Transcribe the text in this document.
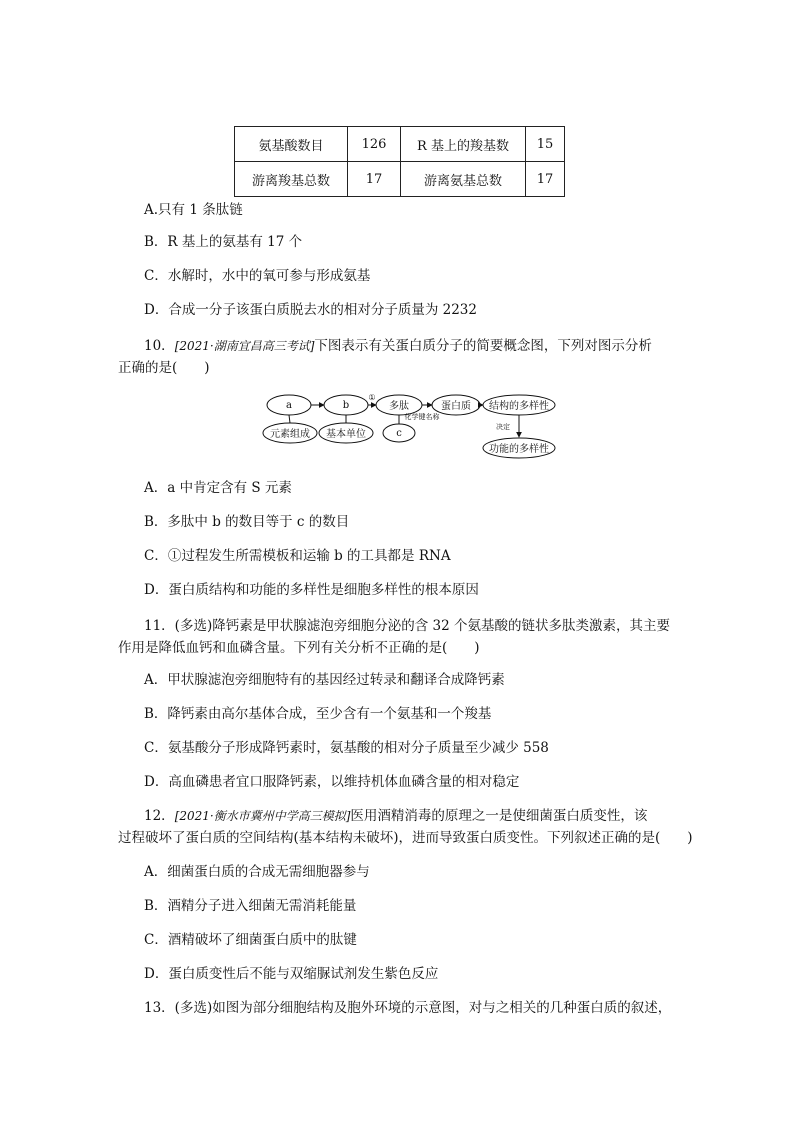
氨基酸数目	126	R 基上的羧基数	15
游离羧基总数	17	游离氨基总数	17
A.只有 1 条肽链
B．R 基上的氨基有 17 个
C．水解时，水中的氧可参与形成氨基
D．合成一分子该蛋白质脱去水的相对分子质量为 2232
10．[2021·湖南宜昌高三考试]下图表示有关蛋白质分子的简要概念图，下列对图示分析
正确的是(　　)
a	b	多肽	蛋白质 结构的多样性
元素组成 基本单位	c
功能的多样性
①
化学键名称
决定
A．a 中肯定含有 S 元素
B．多肽中 b 的数目等于 c 的数目
C．①过程发生所需模板和运输 b 的工具都是 RNA
D．蛋白质结构和功能的多样性是细胞多样性的根本原因
11．(多选)降钙素是甲状腺滤泡旁细胞分泌的含 32 个氨基酸的链状多肽类激素，其主要
作用是降低血钙和血磷含量。下列有关分析不正确的是(　　)
A．甲状腺滤泡旁细胞特有的基因经过转录和翻译合成降钙素
B．降钙素由高尔基体合成，至少含有一个氨基和一个羧基
C．氨基酸分子形成降钙素时，氨基酸的相对分子质量至少减少 558
D．高血磷患者宜口服降钙素，以维持机体血磷含量的相对稳定
12．[2021·衡水市冀州中学高三模拟]医用酒精消毒的原理之一是使细菌蛋白质变性，该
过程破坏了蛋白质的空间结构(基本结构未破坏)，进而导致蛋白质变性。下列叙述正确的是(　　)
A．细菌蛋白质的合成无需细胞器参与
B．酒精分子进入细菌无需消耗能量
C．酒精破坏了细菌蛋白质中的肽键
D．蛋白质变性后不能与双缩脲试剂发生紫色反应
13．(多选)如图为部分细胞结构及胞外环境的示意图，对与之相关的几种蛋白质的叙述，
